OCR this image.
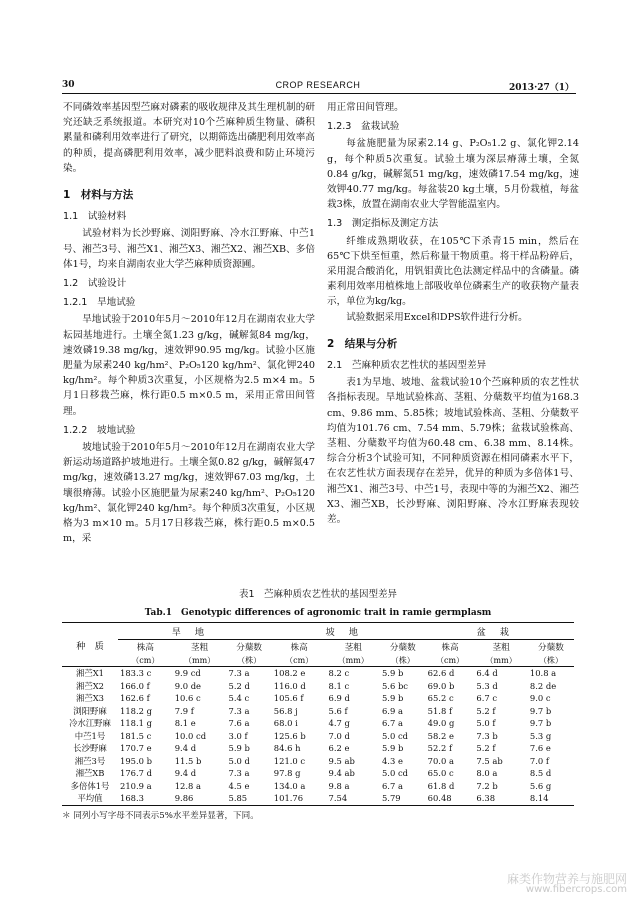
30	CROP RESEARCH	2013·27（1）

不同磷效率基因型苎麻对磷素的吸收规律及其生理机制的研究还缺乏系统报道。本研究对10个苎麻种质生物量、磷积累量和磷利用效率进行了研究，以期筛选出磷肥利用效率高的种质，提高磷肥利用效率，减少肥料浪费和防止环境污染。

1　材料与方法
1.1　试验材料

试验材料为长沙野麻、浏阳野麻、冷水江野麻、中苎1号、湘苎3号、湘苎X1、湘苎X3、湘苎X2、湘苎XB、多倍体1号，均来自湖南农业大学苎麻种质资源圃。

1.2　试验设计
1.2.1　旱地试验

旱地试验于2010年5月～2010年12月在湖南农业大学耘园基地进行。土壤全氮1.23 g/kg，碱解氮84 mg/kg，速效磷19.38 mg/kg，速效钾90.95 mg/kg。试验小区施肥量为尿素240 kg/hm²、P₂O₅120 kg/hm²、氯化钾240 kg/hm²。每个种质3次重复，小区规格为2.5 m×4 m。5月1日移栽苎麻，株行距0.5 m×0.5 m，采用正常田间管理。

1.2.2　坡地试验

坡地试验于2010年5月～2010年12月在湖南农业大学新运动场道路护坡地进行。土壤全氮0.82 g/kg，碱解氮47 mg/kg，速效磷13.27 mg/kg，速效钾67.03 mg/kg，土壤很瘠薄。试验小区施肥量为尿素240 kg/hm²、P₂O₅120 kg/hm²、氯化钾240 kg/hm²。每个种质3次重复，小区规格为3 m×10 m。5月17日移栽苎麻，株行距0.5 m×0.5 m，采

用正常田间管理。

1.2.3　盆栽试验

每盆施肥量为尿素2.14 g、P₂O₅1.2 g、氯化钾2.14 g，每个种质5次重复。试验土壤为深层瘠薄土壤，全氮0.84 g/kg，碱解氮51 mg/kg，速效磷17.54 mg/kg，速效钾40.77 mg/kg。每盆装20 kg土壤，5月份栽植，每盆栽3株，放置在湖南农业大学智能温室内。

1.3　测定指标及测定方法

纤维成熟期收获，在105℃下杀青15 min，然后在65℃下烘至恒重，然后称量干物质重。将干样品粉碎后，采用混合酸消化，用钒钼黄比色法测定样品中的含磷量。磷素利用效率用植株地上部吸收单位磷素生产的收获物产量表示，单位为kg/kg。

试验数据采用Excel和DPS软件进行分析。

2　结果与分析
2.1　苎麻种质农艺性状的基因型差异

表1为旱地、坡地、盆栽试验10个苎麻种质的农艺性状各指标表现。旱地试验株高、茎粗、分蘖数平均值为168.3 cm、9.86 mm、5.85株；坡地试验株高、茎粗、分蘖数平均值为101.76 cm、7.54 mm、5.79株；盆栽试验株高、茎粗、分蘖数平均值为60.48 cm、6.38 mm、8.14株。综合分析3个试验可知，不同种质资源在相同磷素水平下，在农艺性状方面表现存在差异，优异的种质为多倍体1号、湘苎X1、湘苎3号、中苎1号，表现中等的为湘苎X2、湘苎X3、湘苎XB，长沙野麻、浏阳野麻、冷水江野麻表现较差。

表1　苎麻种质农艺性状的基因型差异
Tab.1　Genotypic differences of agronomic trait in ramie germplasm
种　质	旱地			坡地			盆栽		
	株高	茎粗	分蘖数	株高	茎粗	分蘖数	株高	茎粗	分蘖数
	（cm）	（mm）	（株）	（cm）	（mm）	（株）	（cm）	（mm）	（株）
湘苎X1	183.3 c	9.9 cd	7.3 a	108.2 e	8.2 c	5.9 b	62.6 d	6.4 d	10.8 a
湘苎X2	166.0 f	9.0 de	5.2 d	116.0 d	8.1 c	5.6 bc	69.0 b	5.3 d	8.2 de
湘苎X3	162.6 f	10.6 c	5.4 c	105.6 f	6.9 d	5.9 b	65.2 c	6.7 c	9.0 c
浏阳野麻	118.2 g	7.9 f	7.3 a	56.8 j	5.6 f	6.9 a	51.8 f	5.2 f	9.7 b
冷水江野麻	118.1 g	8.1 e	7.6 a	68.0 i	4.7 g	6.7 a	49.0 g	5.0 f	9.7 b
中苎1号	181.5 c	10.0 cd	3.0 f	125.6 b	7.0 d	5.0 cd	58.2 e	7.3 b	5.3 g
长沙野麻	170.7 e	9.4 d	5.9 b	84.6 h	6.2 e	5.9 b	52.2 f	5.2 f	7.6 e
湘苎3号	195.0 b	11.5 b	5.0 d	121.0 c	9.5 ab	4.3 e	70.0 a	7.5 ab	7.0 f
湘苎XB	176.7 d	9.4 d	7.3 a	97.8 g	9.4 ab	5.0 cd	65.0 c	8.0 a	8.5 d
多倍体1号	210.9 a	12.8 a	4.5 e	134.0 a	9.8 a	6.7 a	61.8 d	7.2 b	5.6 g
平均值	168.3	9.86	5.85	101.76	7.54	5.79	60.48	6.38	8.14
＊ 同列小写字母不同表示5%水平差异显著，下同。
麻类作物营养与施肥网
www.fibercrops.com
